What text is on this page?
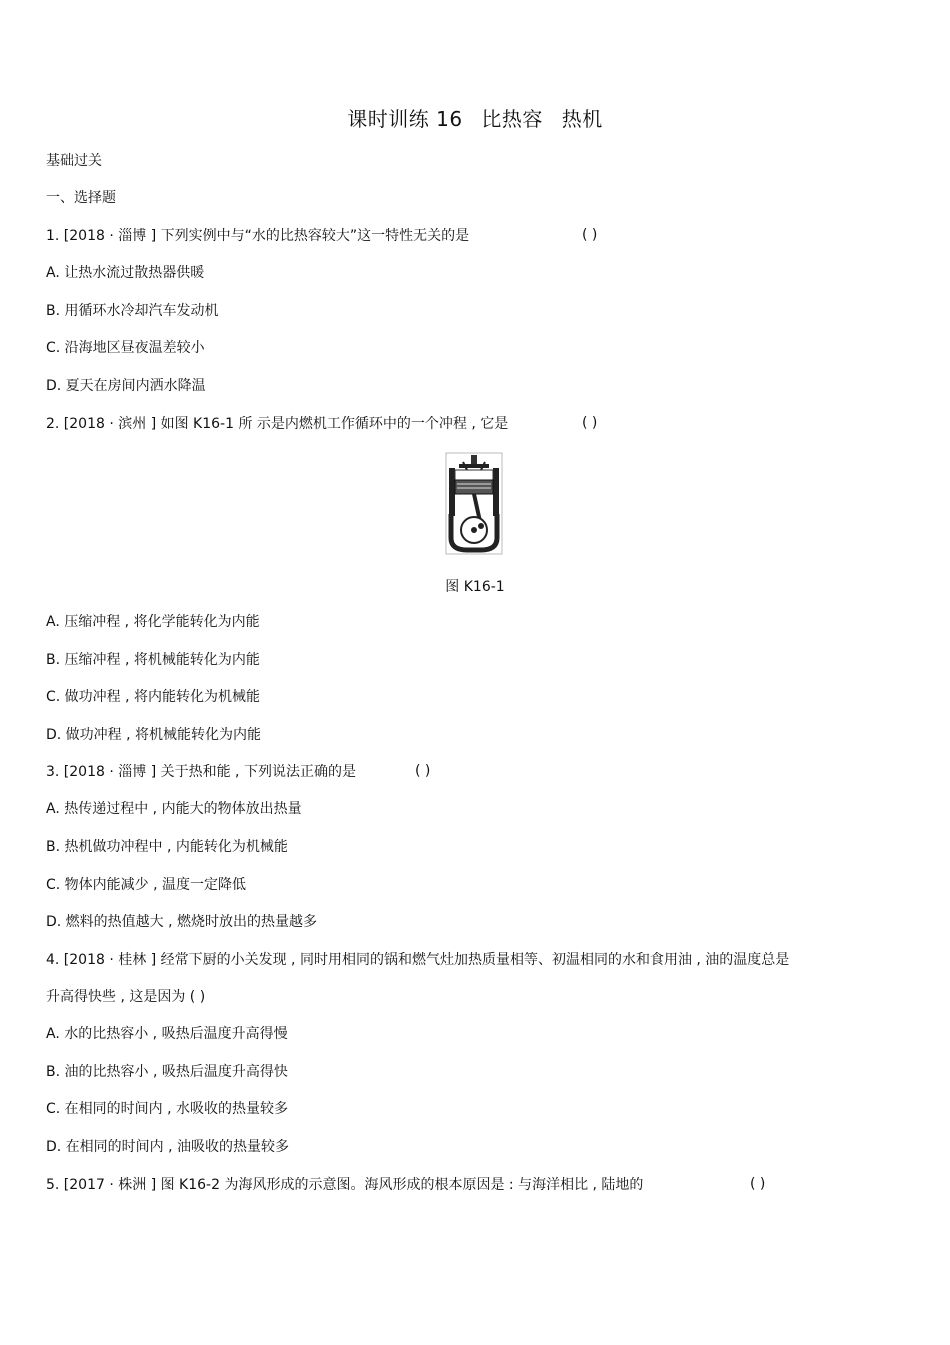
课时训练 16 比热容 热机
基础过关
一、选择题
1. [2018 · 淄博 ] 下列实例中与“水的比热容较大”这一特性无关的是	( )
A. 让热水流过散热器供暖
B. 用循环水冷却汽车发动机
C. 沿海地区昼夜温差较小
D. 夏天在房间内洒水降温
2. [2018 · 滨州 ] 如图 K16-1 所 示是内燃机工作循环中的一个冲程 , 它是	( )
图 K16-1
A. 压缩冲程 , 将化学能转化为内能
B. 压缩冲程 , 将机械能转化为内能
C. 做功冲程 , 将内能转化为机械能
D. 做功冲程 , 将机械能转化为内能
3. [2018 · 淄博 ] 关于热和能 , 下列说法正确的是	( )
A. 热传递过程中 , 内能大的物体放出热量
B. 热机做功冲程中 , 内能转化为机械能
C. 物体内能减少 , 温度一定降低
D. 燃料的热值越大 , 燃烧时放出的热量越多
4. [2018 · 桂林 ] 经常下厨的小关发现 , 同时用相同的锅和燃气灶加热质量相等、初温相同的水和食用油 , 油的温度总是
升高得快些 , 这是因为 ( )
A. 水的比热容小 , 吸热后温度升高得慢
B. 油的比热容小 , 吸热后温度升高得快
C. 在相同的时间内 , 水吸收的热量较多
D. 在相同的时间内 , 油吸收的热量较多
5. [2017 · 株洲 ] 图 K16-2 为海风形成的示意图。海风形成的根本原因是 : 与海洋相比 , 陆地的	( )
